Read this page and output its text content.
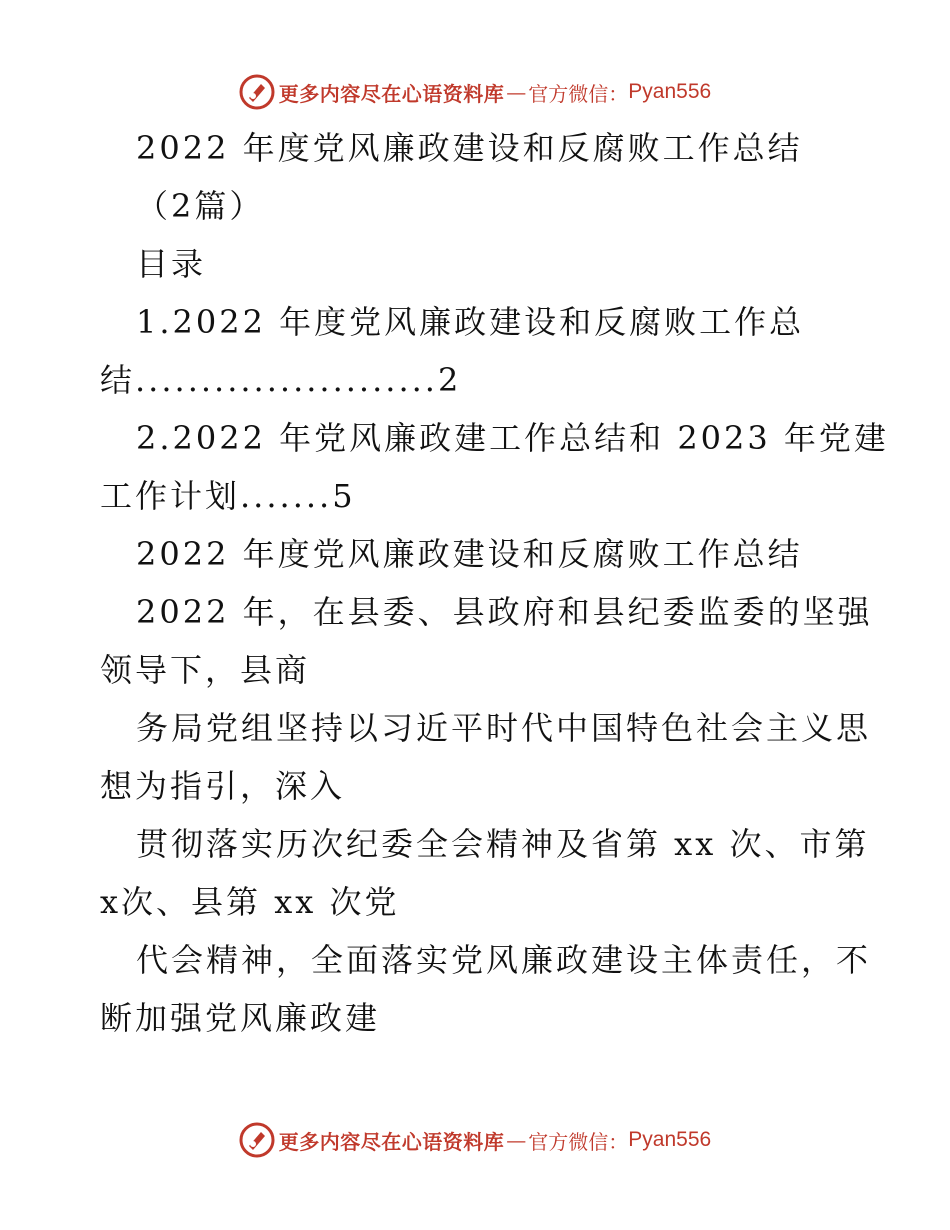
更多内容尽在心语资料库 — 官方微信： Pyan556
2022 年度党风廉政建设和反腐败工作总结
（2篇）
目录
1.2022 年度党风廉政建设和反腐败工作总
结.......................2
2.2022 年党风廉政建工作总结和 2023 年党建
工作计划.......5
2022 年度党风廉政建设和反腐败工作总结
2022 年，在县委、县政府和县纪委监委的坚强
领导下，县商
务局党组坚持以习近平时代中国特色社会主义思
想为指引，深入
贯彻落实历次纪委全会精神及省第 xx 次、市第
x次、县第 xx 次党
代会精神，全面落实党风廉政建设主体责任，不
断加强党风廉政建
更多内容尽在心语资料库 — 官方微信： Pyan556
